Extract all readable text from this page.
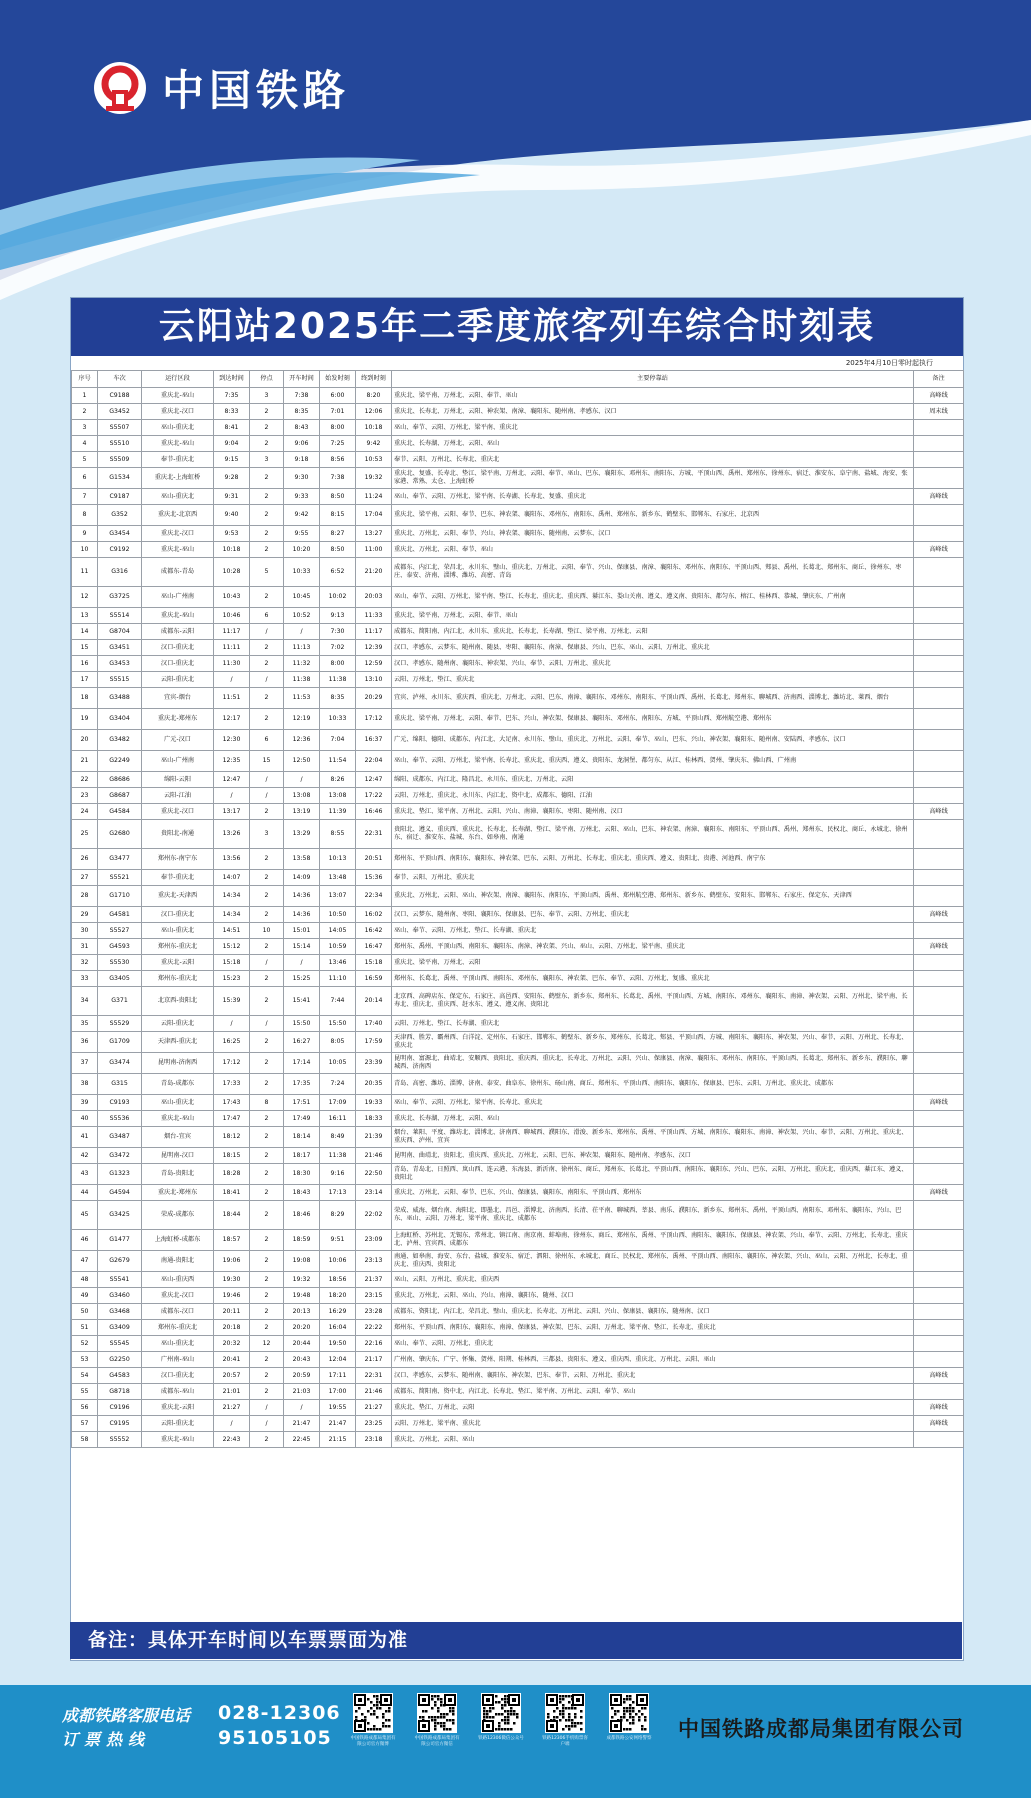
中国铁路
云阳站2025年二季度旅客列车综合时刻表
2025年4月10日零时起执行
序号	车次	运行区段	到达时间	停点	开车时间	始发时刻	终到时刻	主要停靠站	备注
1	C9188	重庆北-巫山	7:35	3	7:38	6:00	8:20	重庆北、梁平南、万州北、云阳、奉节、巫山	高峰线
2	G3452	重庆北-汉口	8:33	2	8:35	7:01	12:06	重庆北、长寿北、万州北、云阳、神农架、南漳、襄阳东、随州南、孝感东、汉口	周末线
3	S5507	巫山-重庆北	8:41	2	8:43	8:00	10:18	巫山、奉节、云阳、万州北、梁平南、重庆北	
4	S5510	重庆北-巫山	9:04	2	9:06	7:25	9:42	重庆北、长寿湖、万州北、云阳、巫山	
5	S5509	奉节-重庆北	9:15	3	9:18	8:56	10:53	奉节、云阳、万州北、长寿北、重庆北	
6	G1534	重庆北-上海虹桥	9:28	2	9:30	7:38	19:32	重庆北、复盛、长寿北、垫江、梁平南、万州北、云阳、奉节、巫山、巴东、襄阳东、邓州东、南阳东、方城、平顶山西、禹州、郑州东、徐州东、宿迁、淮安东、阜宁南、盐城、海安、张家港、常熟、太仓、上海虹桥	
7	C9187	巫山-重庆北	9:31	2	9:33	8:50	11:24	巫山、奉节、云阳、万州北、梁平南、长寿湖、长寿北、复盛、重庆北	高峰线
8	G352	重庆北-北京西	9:40	2	9:42	8:15	17:04	重庆北、梁平南、云阳、奉节、巴东、神农架、襄阳东、邓州东、南阳东、禹州、郑州东、新乡东、鹤壁东、邯郸东、石家庄、北京西	
9	G3454	重庆北-汉口	9:53	2	9:55	8:27	13:27	重庆北、万州北、云阳、奉节、兴山、神农架、襄阳东、随州南、云梦东、汉口	
10	C9192	重庆北-巫山	10:18	2	10:20	8:50	11:00	重庆北、万州北、云阳、奉节、巫山	高峰线
11	G316	成都东-青岛	10:28	5	10:33	6:52	21:20	成都东、内江北、荣昌北、永川东、璧山、重庆北、万州北、云阳、奉节、兴山、保康县、南漳、襄阳东、邓州东、南阳东、平顶山西、郏县、禹州、长葛北、郑州东、商丘、徐州东、枣庄、泰安、济南、淄博、潍坊、高密、青岛	
12	G3725	巫山-广州南	10:43	2	10:45	10:02	20:03	巫山、奉节、云阳、万州北、梁平南、垫江、长寿北、重庆北、重庆西、綦江东、娄山关南、遵义、遵义南、贵阳东、都匀东、榕江、桂林西、恭城、肇庆东、广州南	
13	S5514	重庆北-巫山	10:46	6	10:52	9:13	11:33	重庆北、梁平南、万州北、云阳、奉节、巫山	
14	G8704	成都东-云阳	11:17	/	/	7:30	11:17	成都东、简阳南、内江北、永川东、重庆北、长寿北、长寿湖、垫江、梁平南、万州北、云阳	
15	G3451	汉口-重庆北	11:11	2	11:13	7:02	12:39	汉口、孝感东、云梦东、随州南、随县、枣阳、襄阳东、南漳、保康县、兴山、巴东、巫山、云阳、万州北、重庆北	
16	G3453	汉口-重庆北	11:30	2	11:32	8:00	12:59	汉口、孝感东、随州南、襄阳东、神农架、兴山、奉节、云阳、万州北、重庆北	
17	S5515	云阳-重庆北	/	/	11:38	11:38	13:10	云阳、万州北、垫江、重庆北	
18	G3488	宜宾-烟台	11:51	2	11:53	8:35	20:29	宜宾、泸州、永川东、重庆西、重庆北、万州北、云阳、巴东、南漳、襄阳东、邓州东、南阳东、平顶山西、禹州、长葛北、郑州东、聊城西、济南西、淄博北、潍坊北、莱西、烟台	
19	G3404	重庆北-郑州东	12:17	2	12:19	10:33	17:12	重庆北、梁平南、万州北、云阳、奉节、巴东、兴山、神农架、保康县、襄阳东、邓州东、南阳东、方城、平顶山西、郑州航空港、郑州东	
20	G3482	广元-汉口	12:30	6	12:36	7:04	16:37	广元、绵阳、德阳、成都东、内江北、大足南、永川东、璧山、重庆北、万州北、云阳、奉节、巫山、巴东、兴山、神农架、襄阳东、随州南、安陆西、孝感东、汉口	
21	G2249	巫山-广州南	12:35	15	12:50	11:54	22:04	巫山、奉节、云阳、万州北、梁平南、长寿北、重庆北、重庆西、遵义、贵阳东、龙洞堡、都匀东、从江、桂林西、贺州、肇庆东、佛山西、广州南	
22	G8686	绵阳-云阳	12:47	/	/	8:26	12:47	绵阳、成都东、内江北、隆昌北、永川东、重庆北、万州北、云阳	
23	G8687	云阳-江油	/	/	13:08	13:08	17:22	云阳、万州北、重庆北、永川东、内江北、资中北、成都东、德阳、江油	
24	G4584	重庆北-汉口	13:17	2	13:19	11:39	16:46	重庆北、垫江、梁平南、万州北、云阳、兴山、南漳、襄阳东、枣阳、随州南、汉口	高峰线
25	G2680	贵阳北-南通	13:26	3	13:29	8:55	22:31	贵阳北、遵义、重庆西、重庆北、长寿北、长寿湖、垫江、梁平南、万州北、云阳、巫山、巴东、神农架、南漳、襄阳东、南阳东、平顶山西、禹州、郑州东、民权北、商丘、永城北、徐州东、宿迁、淮安东、盐城、东台、如皋南、南通	
26	G3477	郑州东-南宁东	13:56	2	13:58	10:13	20:51	郑州东、平顶山西、南阳东、襄阳东、神农架、巴东、云阳、万州北、长寿北、重庆北、重庆西、遵义、贵阳北、贵港、河池西、南宁东	
27	S5521	奉节-重庆北	14:07	2	14:09	13:48	15:36	奉节、云阳、万州北、重庆北	
28	G1710	重庆北-天津西	14:34	2	14:36	13:07	22:34	重庆北、万州北、云阳、巫山、神农架、南漳、襄阳东、南阳东、平顶山西、禹州、郑州航空港、郑州东、新乡东、鹤壁东、安阳东、邯郸东、石家庄、保定东、天津西	
29	G4581	汉口-重庆北	14:34	2	14:36	10:50	16:02	汉口、云梦东、随州南、枣阳、襄阳东、保康县、巴东、奉节、云阳、万州北、重庆北	高峰线
30	S5527	巫山-重庆北	14:51	10	15:01	14:05	16:42	巫山、奉节、云阳、万州北、垫江、长寿湖、重庆北	
31	G4593	郑州东-重庆北	15:12	2	15:14	10:59	16:47	郑州东、禹州、平顶山西、南阳东、襄阳东、南漳、神农架、兴山、巫山、云阳、万州北、梁平南、重庆北	高峰线
32	S5530	重庆北-云阳	15:18	/	/	13:46	15:18	重庆北、梁平南、万州北、云阳	
33	G3405	郑州东-重庆北	15:23	2	15:25	11:10	16:59	郑州东、长葛北、禹州、平顶山西、南阳东、邓州东、襄阳东、神农架、巴东、奉节、云阳、万州北、复盛、重庆北	
34	G371	北京西-贵阳北	15:39	2	15:41	7:44	20:14	北京西、高碑店东、保定东、石家庄、高邑西、安阳东、鹤壁东、新乡东、郑州东、长葛北、禹州、平顶山西、方城、南阳东、邓州东、襄阳东、南漳、神农架、云阳、万州北、梁平南、长寿北、重庆北、重庆西、赶水东、遵义、遵义南、贵阳北	
35	S5529	云阳-重庆北	/	/	15:50	15:50	17:40	云阳、万州北、垫江、长寿湖、重庆北	
36	G1709	天津西-重庆北	16:25	2	16:27	8:05	17:59	天津西、胜芳、霸州西、白洋淀、定州东、石家庄、邯郸东、鹤壁东、新乡东、郑州东、长葛北、郏县、平顶山西、方城、南阳东、襄阳东、神农架、兴山、奉节、云阳、万州北、长寿北、重庆北	
37	G3474	昆明南-济南西	17:12	2	17:14	10:05	23:39	昆明南、富源北、曲靖北、安顺西、贵阳北、重庆西、重庆北、长寿北、万州北、云阳、兴山、保康县、南漳、襄阳东、邓州东、南阳东、平顶山西、长葛北、郑州东、新乡东、濮阳东、聊城西、济南西	
38	G315	青岛-成都东	17:33	2	17:35	7:24	20:35	青岛、高密、潍坊、淄博、济南、泰安、曲阜东、徐州东、砀山南、商丘、郑州东、平顶山西、南阳东、襄阳东、保康县、巴东、云阳、万州北、重庆北、成都东	
39	C9193	巫山-重庆北	17:43	8	17:51	17:09	19:33	巫山、奉节、云阳、万州北、梁平南、长寿北、重庆北	高峰线
40	S5536	重庆北-巫山	17:47	2	17:49	16:11	18:33	重庆北、长寿湖、万州北、云阳、巫山	
41	G3487	烟台-宜宾	18:12	2	18:14	8:49	21:39	烟台、莱阳、平度、潍坊北、淄博北、济南西、聊城西、濮阳东、滑浚、新乡东、郑州东、禹州、平顶山西、方城、南阳东、襄阳东、南漳、神农架、兴山、奉节、云阳、万州北、重庆北、重庆西、泸州、宜宾	
42	G3472	昆明南-汉口	18:15	2	18:17	11:38	21:46	昆明南、曲靖北、贵阳北、重庆西、重庆北、万州北、云阳、巴东、神农架、襄阳东、随州南、孝感东、汉口	
43	G1323	青岛-贵阳北	18:28	2	18:30	9:16	22:50	青岛、青岛北、日照西、岚山西、连云港、东海县、新沂南、徐州东、商丘、郑州东、长葛北、平顶山西、南阳东、襄阳东、兴山、巴东、云阳、万州北、重庆北、重庆西、綦江东、遵义、贵阳北	
44	G4594	重庆北-郑州东	18:41	2	18:43	17:13	23:14	重庆北、万州北、云阳、奉节、巴东、兴山、保康县、襄阳东、南阳东、平顶山西、郑州东	高峰线
45	G3425	荣成-成都东	18:44	2	18:46	8:29	22:02	荣成、威海、烟台南、海阳北、即墨北、昌邑、淄博北、济南西、长清、茌平南、聊城西、莘县、南乐、濮阳东、新乡东、郑州东、禹州、平顶山西、南阳东、邓州东、襄阳东、兴山、巴东、巫山、云阳、万州北、梁平南、重庆北、成都东	
46	G1477	上海虹桥-成都东	18:57	2	18:59	9:51	23:09	上海虹桥、苏州北、无锡东、常州北、镇江南、南京南、蚌埠南、徐州东、商丘、郑州东、禹州、平顶山西、南阳东、襄阳东、保康县、神农架、兴山、奉节、云阳、万州北、长寿北、重庆北、泸州、宜宾西、成都东	
47	G2679	南通-贵阳北	19:06	2	19:08	10:06	23:13	南通、如皋南、海安、东台、盐城、淮安东、宿迁、泗阳、徐州东、永城北、商丘、民权北、郑州东、禹州、平顶山西、南阳东、襄阳东、神农架、兴山、巫山、云阳、万州北、长寿北、重庆北、重庆西、贵阳北	
48	S5541	巫山-重庆西	19:30	2	19:32	18:56	21:37	巫山、云阳、万州北、重庆北、重庆西	
49	G3460	重庆北-汉口	19:46	2	19:48	18:20	23:15	重庆北、万州北、云阳、巫山、兴山、南漳、襄阳东、随州、汉口	
50	G3468	成都东-汉口	20:11	2	20:13	16:29	23:28	成都东、资阳北、内江北、荣昌北、璧山、重庆北、长寿北、万州北、云阳、兴山、保康县、襄阳东、随州南、汉口	
51	G3409	郑州东-重庆北	20:18	2	20:20	16:04	22:22	郑州东、平顶山西、南阳东、襄阳东、南漳、保康县、神农架、巴东、云阳、万州北、梁平南、垫江、长寿北、重庆北	
52	S5545	巫山-重庆北	20:32	12	20:44	19:50	22:16	巫山、奉节、云阳、万州北、重庆北	
53	G2250	广州南-巫山	20:41	2	20:43	12:04	21:17	广州南、肇庆东、广宁、怀集、贺州、阳朔、桂林西、三都县、贵阳东、遵义、重庆西、重庆北、万州北、云阳、巫山	
54	G4583	汉口-重庆北	20:57	2	20:59	17:11	22:31	汉口、孝感东、云梦东、随州南、襄阳东、神农架、巴东、奉节、云阳、万州北、重庆北	高峰线
55	G8718	成都东-巫山	21:01	2	21:03	17:00	21:46	成都东、简阳南、资中北、内江北、长寿北、垫江、梁平南、万州北、云阳、奉节、巫山	
56	C9196	重庆北-云阳	21:27	/	/	19:55	21:27	重庆北、垫江、万州北、云阳	高峰线
57	C9195	云阳-重庆北	/	/	21:47	21:47	23:25	云阳、万州北、梁平南、重庆北	高峰线
58	S5552	重庆北-巫山	22:43	2	22:45	21:15	23:18	重庆北、万州北、云阳、巫山	
备注：具体开车时间以车票票面为准
成都铁路客服电话
订票热线
028-12306
95105105	中国铁路成都局集团有限公司官方微博
中国铁路成都局集团有限公司官方微信
铁路12306微信公众号	铁路12306手机购票客户端
成都铁路公安网络警察 中国铁路成都局集团有限公司
